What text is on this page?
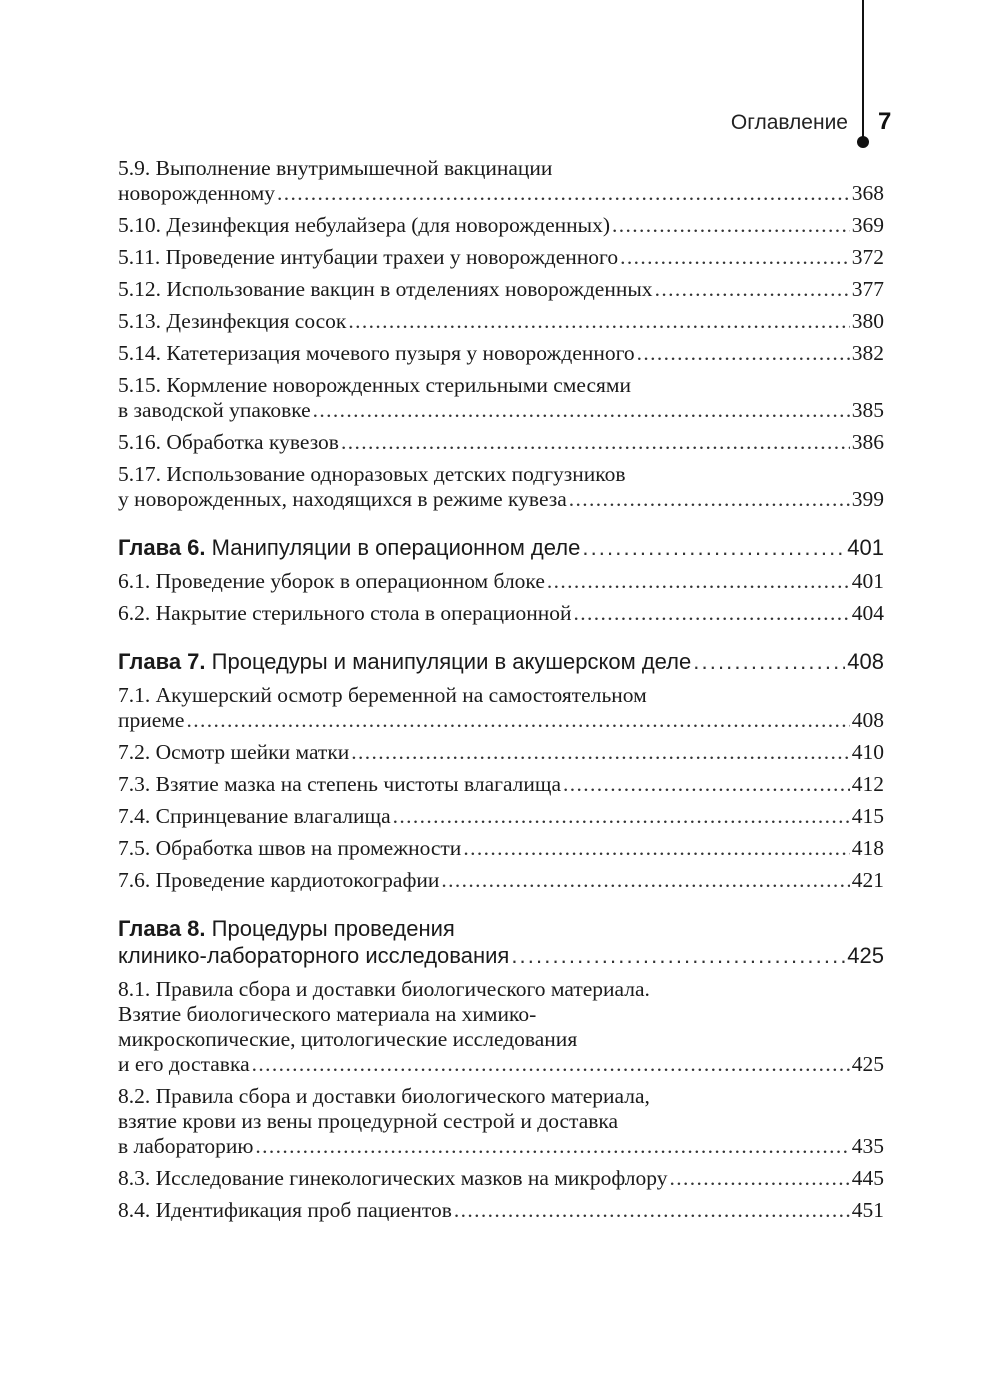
Оглавление 7
5.9. Выполнение внутримышечной вакцинации
новорожденному . . .	368
5.10. Дезинфекция небулайзера (для новорожденных) . . .	369
5.11. Проведение интубации трахеи у новорожденного . . .	372
5.12. Использование вакцин в отделениях новорожденных . . .	377
5.13. Дезинфекция сосок . . .	380
5.14. Катетеризация мочевого пузыря у новорожденного . . .	382
5.15. Кормление новорожденных стерильными смесями
в заводской упаковке . . .	385
5.16. Обработка кувезов . . .	386
5.17. Использование одноразовых детских подгузников
у новорожденных, находящихся в режиме кувеза . . .	399
Глава 6. Манипуляции в операционном деле . . .	401
6.1. Проведение уборок в операционном блоке . . .	401
6.2. Накрытие стерильного стола в операционной . . .	404
Глава 7. Процедуры и манипуляции в акушерском деле . . .	408
7.1. Акушерский осмотр беременной на самостоятельном
приеме . . .	408
7.2. Осмотр шейки матки . . .	410
7.3. Взятие мазка на степень чистоты влагалища . . .	412
7.4. Спринцевание влагалища . . .	415
7.5. Обработка швов на промежности . . .	418
7.6. Проведение кардиотокографии . . .	421
Глава 8. Процедуры проведения
клинико-лабораторного исследования . . .	425
8.1. Правила сбора и доставки биологического материала.
Взятие биологического материала на химико-
микроскопические, цитологические исследования
и его доставка . . .	425
8.2. Правила сбора и доставки биологического материала,
взятие крови из вены процедурной сестрой и доставка
в лабораторию . . .	435
8.3. Исследование гинекологических мазков на микрофлору . . .	445
8.4. Идентификация проб пациентов . . .	451
